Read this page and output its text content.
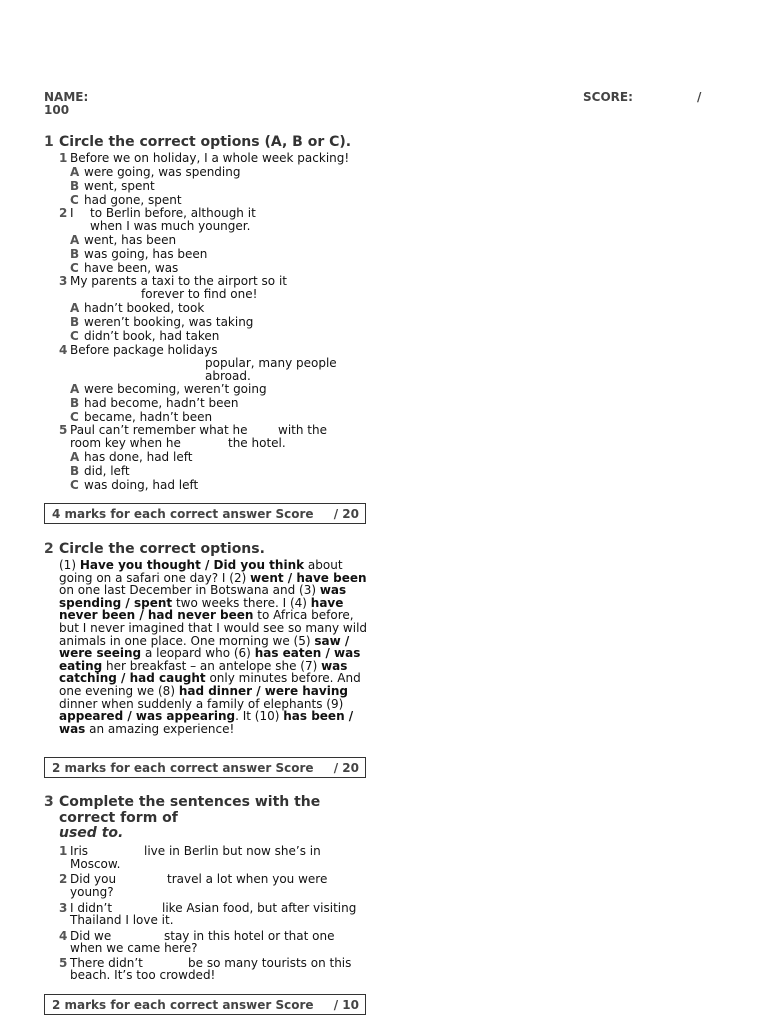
NAME:
100
SCORE:	/
1 Circle the correct options (A, B or C).
1 Before we on holiday, I a whole week packing!
A were going, was spending
B went, spent
C had gone, spent
2 I to Berlin before, although it
when I was much younger.
A went, has been
B was going, has been
C have been, was
3 My parents a taxi to the airport so it
forever to find one!
A hadn’t booked, took
B weren’t booking, was taking
C didn’t book, had taken
4 Before package holidays
popular, many people
abroad.
A were becoming, weren’t going
B had become, hadn’t been
C became, hadn’t been
5 Paul can’t remember what he	with the
room key when he	the hotel.
A has done, had left
B did, left
C was doing, had left
4 marks for each correct answer Score / 20
2 Circle the correct options.
(1) Have you thought / Did you think about going on a safari one day? I (2) went / have been on one last December in Botswana and (3) was spending / spent two weeks there. I (4) have never been / had never been to Africa before, but I never imagined that I would see so many wild animals in one place. One morning we (5) saw / were seeing a leopard who (6) has eaten / was eating her breakfast – an antelope she (7) was catching / had caught only minutes before. And one evening we (8) had dinner / were having dinner when suddenly a family of elephants (9) appeared / was appearing. It (10) has been / was an amazing experience!
2 marks for each correct answer Score / 20
3 Complete the sentences with the
correct form of
used to.
1 Iris	live in Berlin but now she’s in
Moscow.
2 Did you	travel a lot when you were
young?
3 I didn’t	like Asian food, but after visiting
Thailand I love it.
4 Did we	stay in this hotel or that one
when we came here?
5 There didn’t	be so many tourists on this
beach. It’s too crowded!
2 marks for each correct answer Score / 10
